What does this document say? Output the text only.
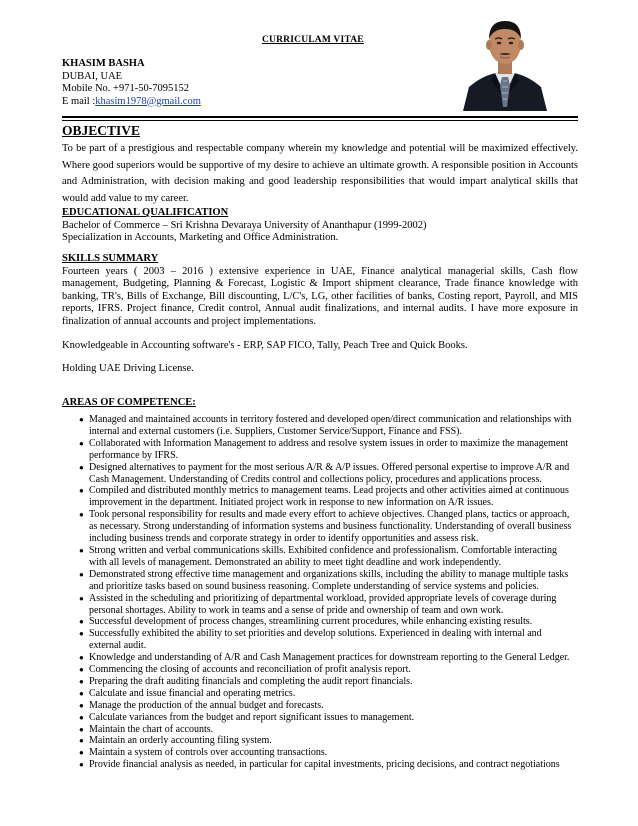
CURRICULAM VITAE
KHASIM BASHA
DUBAI, UAE
Mobile No. +971-50-7095152
E mail :khasim1978@gmail.com
OBJECTIVE

To be part of a prestigious and respectable company wherein my knowledge and potential will be maximized effectively. Where good superiors would be supportive of my desire to achieve an ultimate growth. A responsible position in Accounts and Administration, with decision making and good leadership responsibilities that would impart analytical skills that would add value to my career.

EDUCATIONAL QUALIFICATION
Bachelor of Commerce – Sri Krishna Devaraya University of Ananthapur (1999-2002)
Specialization in Accounts, Marketing and Office Administration.
SKILLS SUMMARY

Fourteen years ( 2003 – 2016 ) extensive experience in UAE, Finance analytical managerial skills, Cash flow management, Budgeting, Planning & Forecast, Logistic & Import shipment clearance, Trade finance knowledge with banking, TR's, Bills of Exchange, Bill discounting, L/C's, LG, other facilities of banks, Costing report, Payroll, and MIS reports, IFRS. Project finance, Credit control, Annual audit finalizations, and internal audits. I have more exposure in finalization of annual accounts and project implementations.

Knowledgeable in Accounting software's - ERP, SAP FICO, Tally, Peach Tree and Quick Books.

Holding UAE Driving License.

AREAS OF COMPETENCE:
● Managed and maintained accounts in territory fostered and developed open/direct communication and relationships with internal and external customers (i.e. Suppliers, Customer Service/Support, Finance and FSS).
● Collaborated with Information Management to address and resolve system issues in order to maximize the management performance by IFRS.
● Designed alternatives to payment for the most serious A/R & A/P issues. Offered personal expertise to improve A/R and Cash Management. Understanding of Credits control and collections policy, procedures and applications process.
● Compiled and distributed monthly metrics to management teams. Lead projects and other activities aimed at continuous improvement in the department. Initiated project work in response to new information on A/R issues.
● Took personal responsibility for results and made every effort to achieve objectives. Changed plans, tactics or approach, as necessary. Strong understanding of information systems and business functionality. Understanding of overall business including business trends and corporate strategy in order to identify opportunities and assess risk.
● Strong written and verbal communications skills. Exhibited confidence and professionalism. Comfortable interacting with all levels of management. Demonstrated an ability to meet tight deadline and work independently.
● Demonstrated strong effective time management and organizations skills, including the ability to manage multiple tasks and prioritize tasks based on sound business reasoning. Complete understanding of service systems and policies.
● Assisted in the scheduling and prioritizing of departmental workload, provided appropriate levels of coverage during personal shortages. Ability to work in teams and a sense of pride and ownership of team and own work.
● Successful development of process changes, streamlining current procedures, while enhancing existing results.
● Successfully exhibited the ability to set priorities and develop solutions. Experienced in dealing with internal and external audit.
● Knowledge and understanding of A/R and Cash Management practices for downstream reporting to the General Ledger.
● Commencing the closing of accounts and reconciliation of profit analysis report.
● Preparing the draft auditing financials and completing the audit report financials.
● Calculate and issue financial and operating metrics.
● Manage the production of the annual budget and forecasts.
● Calculate variances from the budget and report significant issues to management.
● Maintain the chart of accounts.
● Maintain an orderly accounting filing system.
● Maintain a system of controls over accounting transactions.
● Provide financial analysis as needed, in particular for capital investments, pricing decisions, and contract negotiations
